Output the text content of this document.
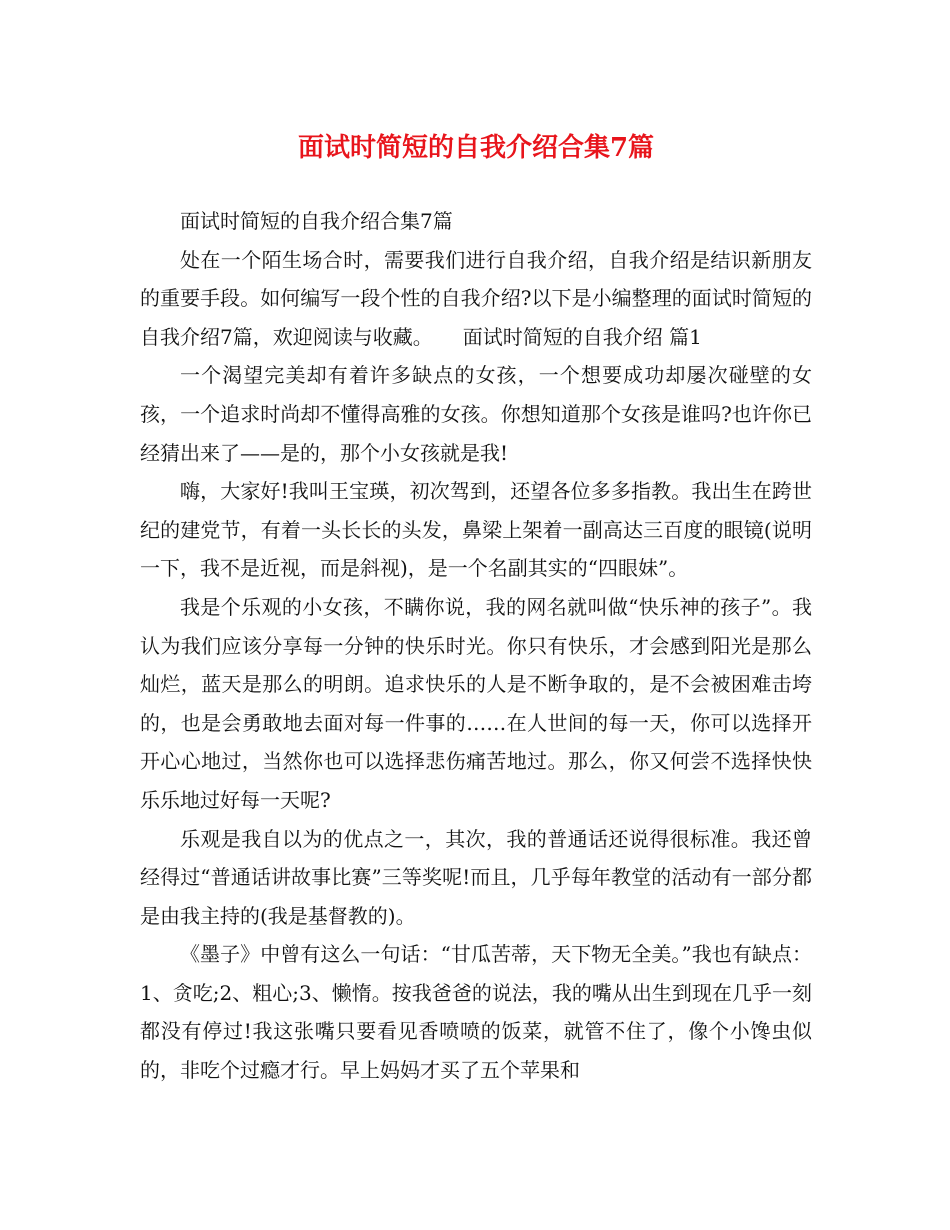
面试时简短的自我介绍合集7篇

面试时简短的自我介绍合集7篇

处在一个陌生场合时，需要我们进行自我介绍，自我介绍是结识新朋友的重要手段。如何编写一段个性的自我介绍?以下是小编整理的面试时简短的自我介绍7篇，欢迎阅读与收藏。　　面试时简短的自我介绍 篇1

一个渴望完美却有着许多缺点的女孩，一个想要成功却屡次碰壁的女孩，一个追求时尚却不懂得高雅的女孩。你想知道那个女孩是谁吗?也许你已经猜出来了——是的，那个小女孩就是我!

嗨，大家好!我叫王宝瑛，初次驾到，还望各位多多指教。我出生在跨世纪的建党节，有着一头长长的头发，鼻梁上架着一副高达三百度的眼镜(说明一下，我不是近视，而是斜视)，是一个名副其实的“四眼妹”。

我是个乐观的小女孩，不瞒你说，我的网名就叫做“快乐神的孩子”。我认为我们应该分享每一分钟的快乐时光。你只有快乐，才会感到阳光是那么灿烂，蓝天是那么的明朗。追求快乐的人是不断争取的，是不会被困难击垮的，也是会勇敢地去面对每一件事的……在人世间的每一天，你可以选择开开心心地过，当然你也可以选择悲伤痛苦地过。那么，你又何尝不选择快快乐乐地过好每一天呢?

乐观是我自以为的优点之一，其次，我的普通话还说得很标准。我还曾经得过“普通话讲故事比赛”三等奖呢!而且，几乎每年教堂的活动有一部分都是由我主持的(我是基督教的)。

《墨子》中曾有这么一句话：“甘瓜苦蒂，天下物无全美。”我也有缺点：1、贪吃;2、粗心;3、懒惰。按我爸爸的说法，我的嘴从出生到现在几乎一刻都没有停过!我这张嘴只要看见香喷喷的饭菜，就管不住了，像个小馋虫似的，非吃个过瘾才行。早上妈妈才买了五个苹果和
